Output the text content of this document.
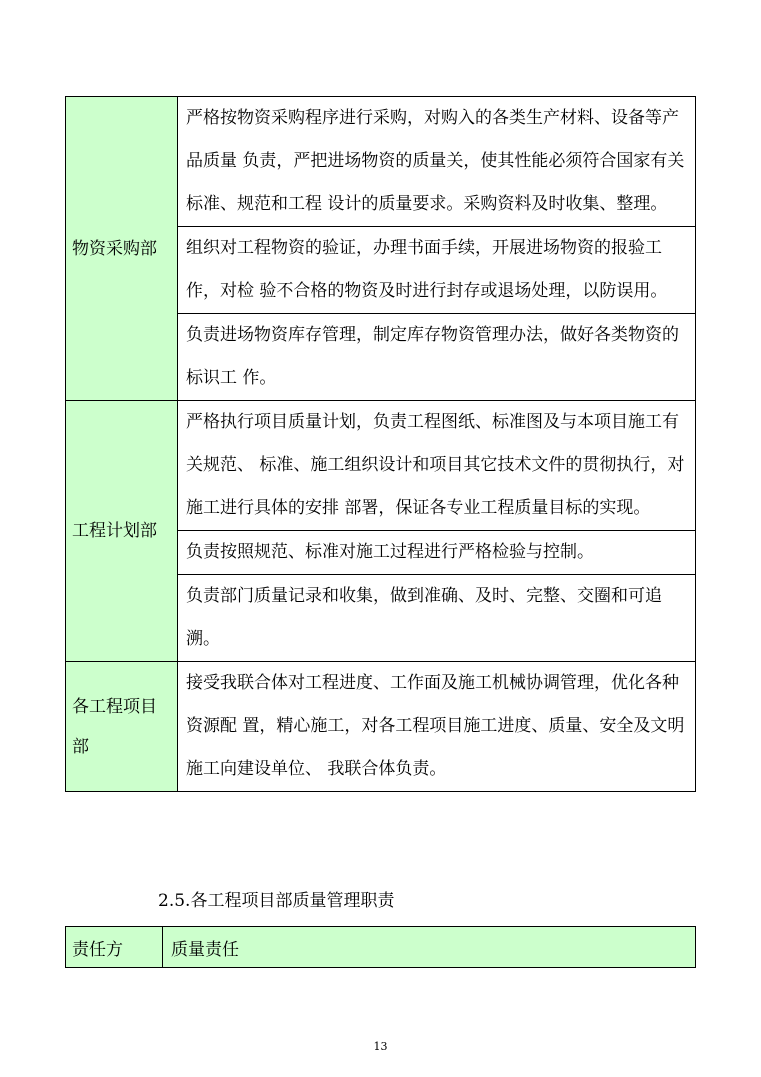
物资采购部	严格按物资采购程序进行采购，对购入的各类生产材料、设备等产品质量 负责，严把进场物资的质量关，使其性能必须符合国家有关标准、规范和工程 设计的质量要求。采购资料及时收集、整理。
	组织对工程物资的验证，办理书面手续，开展进场物资的报验工作，对检 验不合格的物资及时进行封存或退场处理，以防误用。
	负责进场物资库存管理，制定库存物资管理办法，做好各类物资的标识工 作。
工程计划部	严格执行项目质量计划，负责工程图纸、标准图及与本项目施工有关规范、 标准、施工组织设计和项目其它技术文件的贯彻执行，对施工进行具体的安排 部署，保证各专业工程质量目标的实现。
	负责按照规范、标准对施工过程进行严格检验与控制。
	负责部门质量记录和收集，做到准确、及时、完整、交圈和可追溯。
各工程项目 部	接受我联合体对工程进度、工作面及施工机械协调管理，优化各种资源配 置，精心施工，对各工程项目施工进度、质量、安全及文明施工向建设单位、 我联合体负责。
2.5.各工程项目部质量管理职责
责任方	质量责任
13
